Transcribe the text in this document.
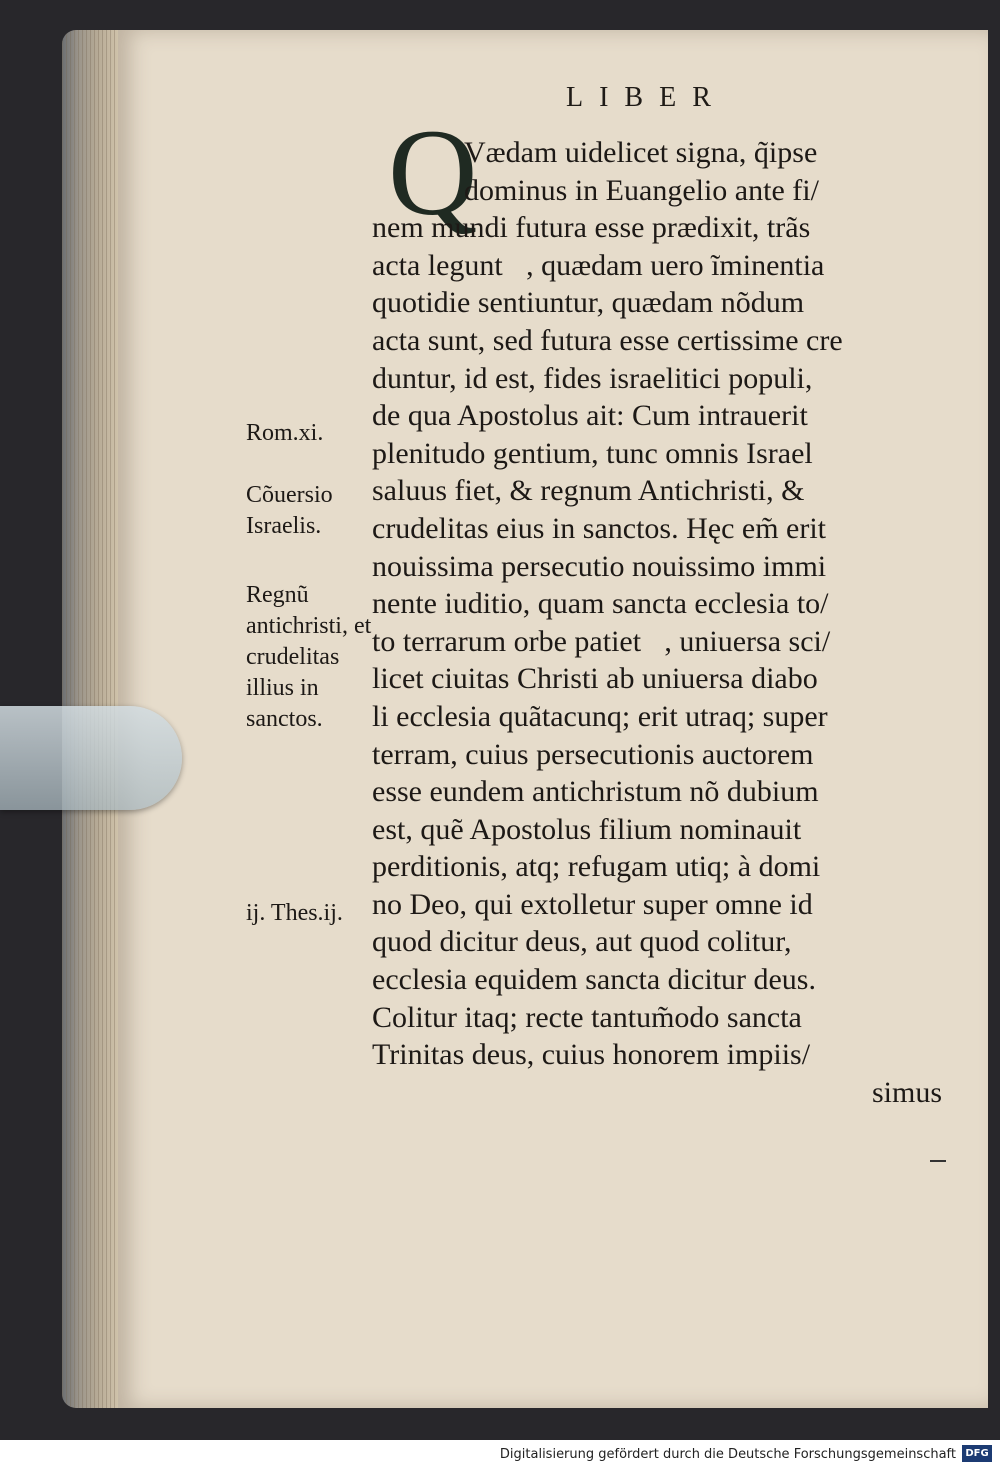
LIBER
Q
Vædam uidelicet signa, q̃ipse
dominus in Euangelio ante fi/
nem mundi futura esse prædixit, trãs
acta leguntᷓ, quædam uero ĩminentia
quotidie sentiuntur, quædam nõdum
acta sunt, sed futura esse certissime cre
duntur, id est, fides israelitici populi,
de qua Apostolus ait: Cum intrauerit
plenitudo gentium, tunc omnis Israel
saluus fiet, & regnum Antichristi, &
crudelitas eius in sanctos. Hęc em̃ erit
nouissima persecutio nouissimo immi
nente iuditio, quam sancta ecclesia to/
to terrarum orbe patietᷓ, uniuersa sci/
licet ciuitas Christi ab uniuersa diabo
li ecclesia quãtacunq; erit utraq; super
terram, cuius persecutionis auctorem
esse eundem antichristum nõ dubium
est, quẽ Apostolus filium nominauit
perditionis, atq; refugam utiq; à domi
no Deo, qui extolletur super omne id
quod dicitur deus, aut quod colitur,
ecclesia equidem sancta dicitur deus.
Colitur itaq; recte tantum̃odo sancta
Trinitas deus, cuius honorem impiis/
simus
Rom.xi.
Cõuersio Israelis.
Regnũ antichristi, et crudelitas illius in sanctos.
ij. Thes.ij.
Digitalisierung gefördert durch die Deutsche Forschungsgemeinschaft DFG
